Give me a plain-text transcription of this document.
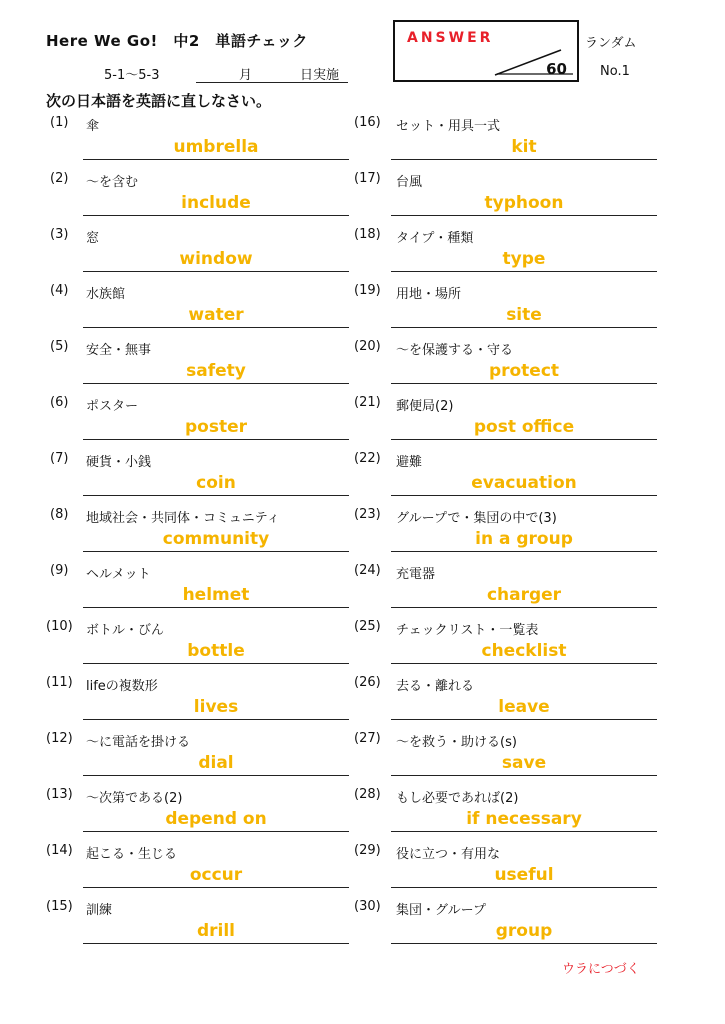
Here We Go!　中2　単語チェック
5-1～5-3	月	日実施
ANSWER
60
ランダム
No.1
次の日本語を英語に直しなさい。
(1) 傘
umbrella
(2) ～を含む
include
(3) 窓
window
(4) 水族館
water
(5) 安全・無事
safety
(6) ポスター
poster
(7) 硬貨・小銭
coin
(8) 地域社会・共同体・コミュニティ
community
(9) ヘルメット
helmet
(10) ボトル・びん
bottle
(11) lifeの複数形
lives
(12) ～に電話を掛ける
dial
(13) ～次第である(2)
depend on
(14) 起こる・生じる
occur
(15) 訓練
drill
(16) セット・用具一式
kit
(17) 台風
typhoon
(18) タイプ・種類
type
(19) 用地・場所
site
(20) ～を保護する・守る
protect
(21) 郵便局(2)
post office
(22) 避難
evacuation
(23) グループで・集団の中で(3)
in a group
(24) 充電器
charger
(25) チェックリスト・一覧表
checklist
(26) 去る・離れる
leave
(27) ～を救う・助ける(s)
save
(28) もし必要であれば(2)
if necessary
(29) 役に立つ・有用な
useful
(30) 集団・グループ
group
ウラにつづく
